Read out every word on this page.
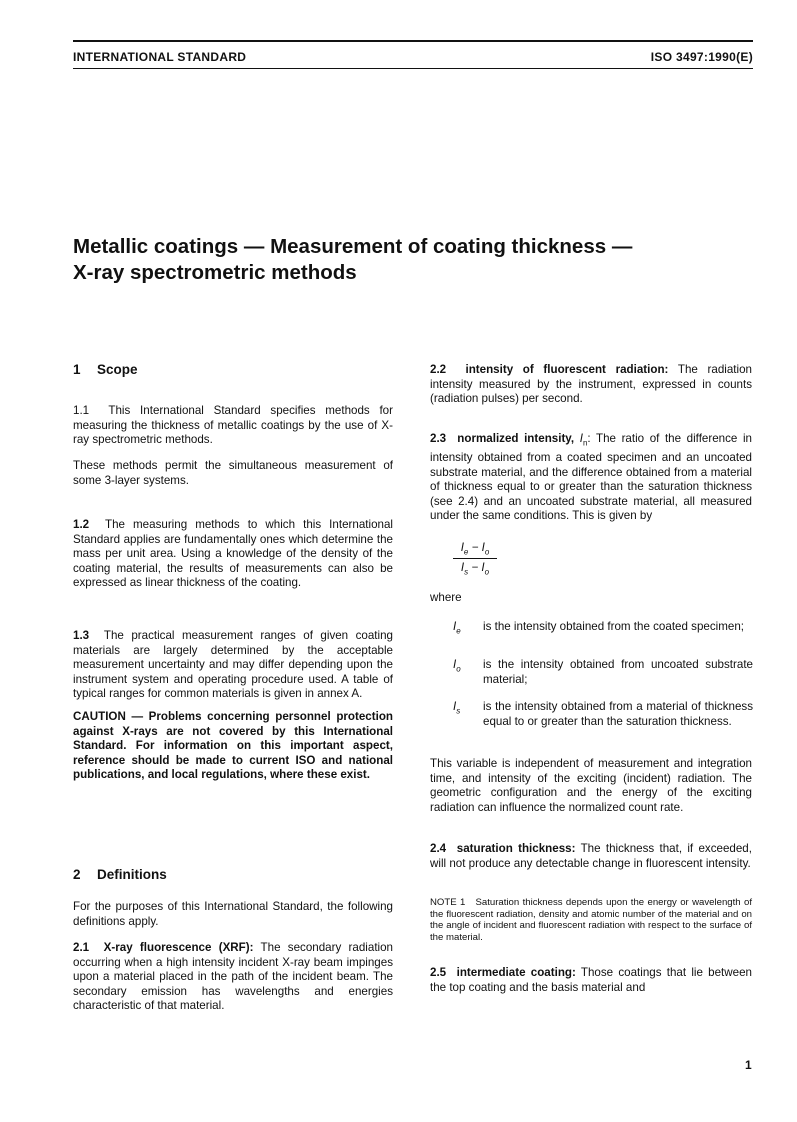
INTERNATIONAL STANDARD	ISO 3497:1990(E)
Metallic coatings — Measurement of coating thickness —
X-ray spectrometric methods
1 Scope
1.1 This International Standard specifies methods for measuring the thickness of metallic coatings by the use of X-ray spectrometric methods.
These methods permit the simultaneous measurement of some 3-layer systems.
1.2 The measuring methods to which this International Standard applies are fundamentally ones which determine the mass per unit area. Using a knowledge of the density of the coating material, the results of measurements can also be expressed as linear thickness of the coating.
1.3 The practical measurement ranges of given coating materials are largely determined by the acceptable measurement uncertainty and may differ depending upon the instrument system and operating procedure used. A table of typical ranges for common materials is given in annex A.
CAUTION — Problems concerning personnel protection against X-rays are not covered by this International Standard. For information on this important aspect, reference should be made to current ISO and national publications, and local regulations, where these exist.
2 Definitions
For the purposes of this International Standard, the following definitions apply.
2.1 X-ray fluorescence (XRF): The secondary radiation occurring when a high intensity incident X-ray beam impinges upon a material placed in the path of the incident beam. The secondary emission has wavelengths and energies characteristic of that material.
2.2 intensity of fluorescent radiation: The radiation intensity measured by the instrument, expressed in counts (radiation pulses) per second.
2.3 normalized intensity, $I_n$: The ratio of the difference in intensity obtained from a coated specimen and an uncoated substrate material, and the difference obtained from a material of thickness equal to or greater than the saturation thickness (see 2.4) and an uncoated substrate material, all measured under the same conditions. This is given by
$I_e - I_o$
$I_s - I_o$
where
$I_e$ is the intensity obtained from the coated specimen;
$I_o$ is the intensity obtained from uncoated substrate material;
$I_s$ is the intensity obtained from a material of thickness equal to or greater than the saturation thickness.
This variable is independent of measurement and integration time, and intensity of the exciting (incident) radiation. The geometric configuration and the energy of the exciting radiation can influence the normalized count rate.
2.4 saturation thickness: The thickness that, if exceeded, will not produce any detectable change in fluorescent intensity.
NOTE 1 Saturation thickness depends upon the energy or wavelength of the fluorescent radiation, density and atomic number of the material and on the angle of incident and fluorescent radiation with respect to the surface of the material.
2.5 intermediate coating: Those coatings that lie between the top coating and the basis material and
1
